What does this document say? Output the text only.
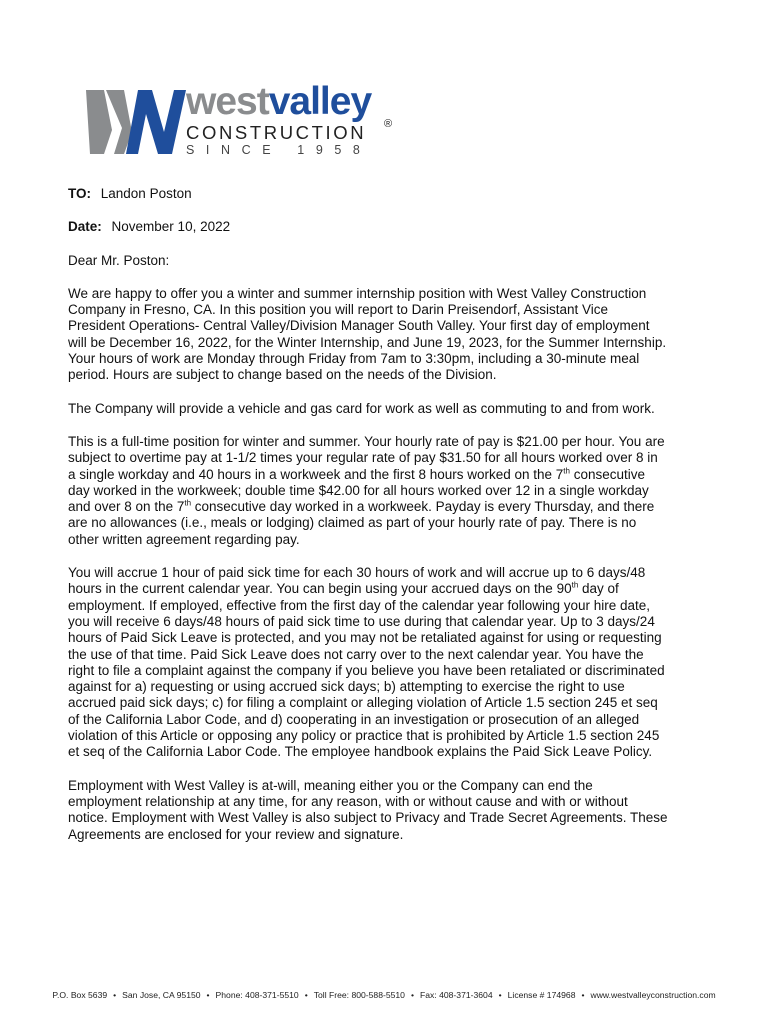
westvalley
CONSTRUCTION ®
SINCE 1958
TO: Landon Poston
Date: November 10, 2022
Dear Mr. Poston:

We are happy to offer you a winter and summer internship position with West Valley Construction Company in Fresno, CA. In this position you will report to Darin Preisendorf, Assistant Vice President Operations- Central Valley/Division Manager South Valley. Your first day of employment will be December 16, 2022, for the Winter Internship, and June 19, 2023, for the Summer Internship. Your hours of work are Monday through Friday from 7am to 3:30pm, including a 30-minute meal period. Hours are subject to change based on the needs of the Division.

The Company will provide a vehicle and gas card for work as well as commuting to and from work.

This is a full-time position for winter and summer. Your hourly rate of pay is $21.00 per hour. You are subject to overtime pay at 1-1/2 times your regular rate of pay $31.50 for all hours worked over 8 in a single workday and 40 hours in a workweek and the first 8 hours worked on the 7th consecutive day worked in the workweek; double time $42.00 for all hours worked over 12 in a single workday and over 8 on the 7th consecutive day worked in a workweek. Payday is every Thursday, and there are no allowances (i.e., meals or lodging) claimed as part of your hourly rate of pay. There is no other written agreement regarding pay.

You will accrue 1 hour of paid sick time for each 30 hours of work and will accrue up to 6 days/48 hours in the current calendar year. You can begin using your accrued days on the 90th day of employment. If employed, effective from the first day of the calendar year following your hire date, you will receive 6 days/48 hours of paid sick time to use during that calendar year. Up to 3 days/24 hours of Paid Sick Leave is protected, and you may not be retaliated against for using or requesting the use of that time. Paid Sick Leave does not carry over to the next calendar year. You have the right to file a complaint against the company if you believe you have been retaliated or discriminated against for a) requesting or using accrued sick days; b) attempting to exercise the right to use accrued paid sick days; c) for filing a complaint or alleging violation of Article 1.5 section 245 et seq of the California Labor Code, and d) cooperating in an investigation or prosecution of an alleged violation of this Article or opposing any policy or practice that is prohibited by Article 1.5 section 245 et seq of the California Labor Code. The employee handbook explains the Paid Sick Leave Policy.

Employment with West Valley is at-will, meaning either you or the Company can end the employment relationship at any time, for any reason, with or without cause and with or without notice. Employment with West Valley is also subject to Privacy and Trade Secret Agreements. These Agreements are enclosed for your review and signature.

P.O. Box 5639 • San Jose, CA 95150 • Phone: 408-371-5510 • Toll Free: 800-588-5510 • Fax: 408-371-3604 • License # 174968 • www.westvalleyconstruction.com
